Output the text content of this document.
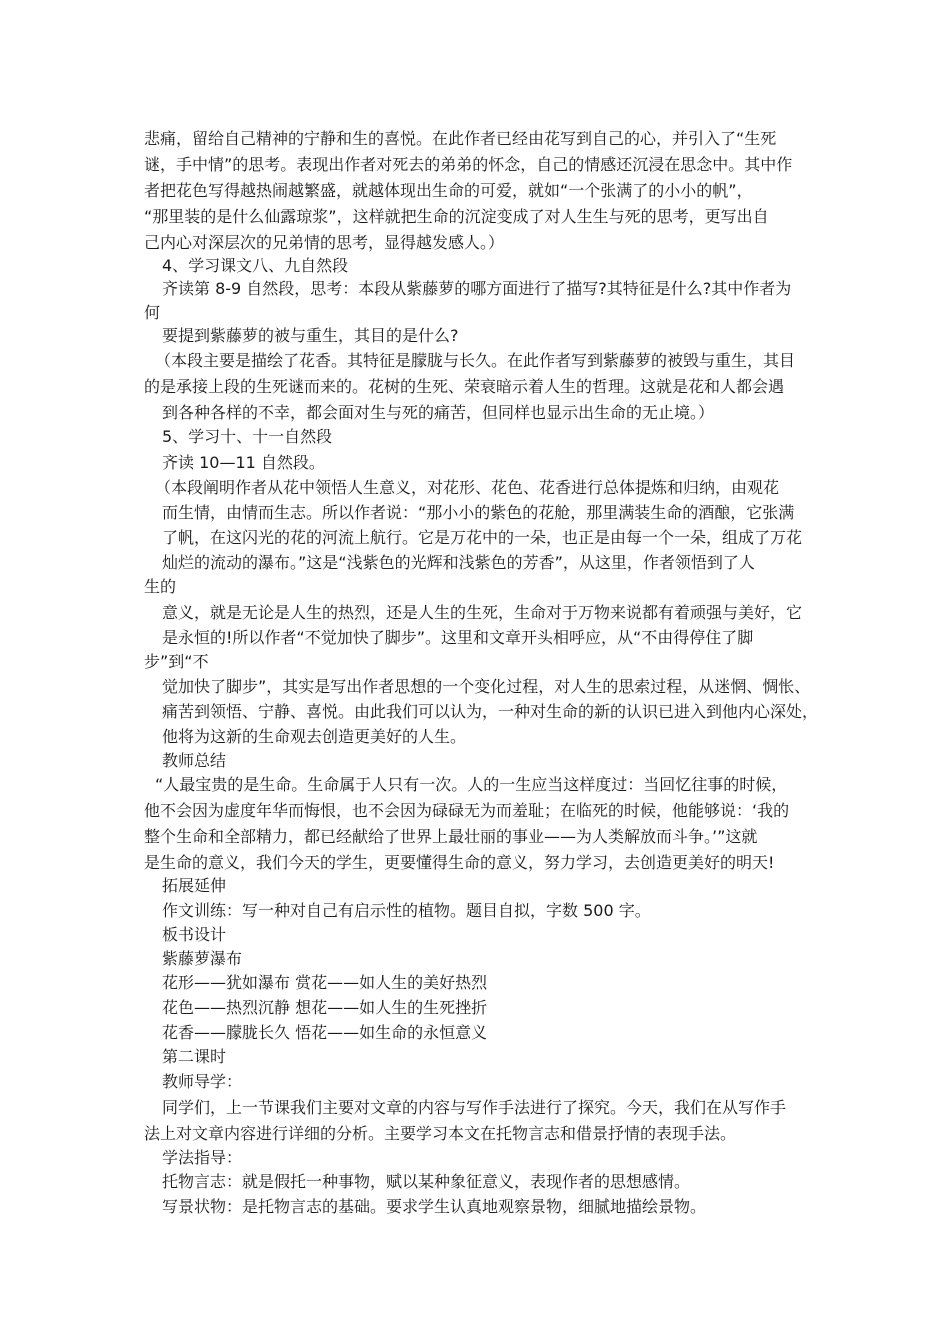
悲痛，留给自己精神的宁静和生的喜悦。在此作者已经由花写到自己的心，并引入了“生死
谜，手中情”的思考。表现出作者对死去的弟弟的怀念，自己的情感还沉浸在思念中。其中作
者把花色写得越热闹越繁盛，就越体现出生命的可爱，就如“一个张满了的小小的帆”，
“那里装的是什么仙露琼浆”，这样就把生命的沉淀变成了对人生生与死的思考，更写出自
己内心对深层次的兄弟情的思考，显得越发感人。）
4、学习课文八、九自然段
齐读第 8-9 自然段，思考：本段从紫藤萝的哪方面进行了描写?其特征是什么?其中作者为
何
要提到紫藤萝的被与重生，其目的是什么?
（本段主要是描绘了花香。其特征是朦胧与长久。在此作者写到紫藤萝的被毁与重生，其目
的是承接上段的生死谜而来的。花树的生死、荣衰暗示着人生的哲理。这就是花和人都会遇
到各种各样的不幸，都会面对生与死的痛苦，但同样也显示出生命的无止境。）
5、学习十、十一自然段
齐读 10—11 自然段。
（本段阐明作者从花中领悟人生意义，对花形、花色、花香进行总体提炼和归纳，由观花
而生情，由情而生志。所以作者说：“那小小的紫色的花舱，那里满装生命的酒酿，它张满
了帆，在这闪光的花的河流上航行。它是万花中的一朵，也正是由每一个一朵，组成了万花
灿烂的流动的瀑布。”这是“浅紫色的光辉和浅紫色的芳香”，从这里，作者领悟到了人
生的
意义，就是无论是人生的热烈，还是人生的生死，生命对于万物来说都有着顽强与美好，它
是永恒的!所以作者“不觉加快了脚步”。这里和文章开头相呼应，从“不由得停住了脚
步”到“不
觉加快了脚步”，其实是写出作者思想的一个变化过程，对人生的思索过程，从迷惘、惆怅、
痛苦到领悟、宁静、喜悦。由此我们可以认为，一种对生命的新的认识已进入到他内心深处，
他将为这新的生命观去创造更美好的人生。
教师总结
“人最宝贵的是生命。生命属于人只有一次。人的一生应当这样度过：当回忆往事的时候，
他不会因为虚度年华而悔恨，也不会因为碌碌无为而羞耻；在临死的时候，他能够说：‘我的
整个生命和全部精力，都已经献给了世界上最壮丽的事业——为人类解放而斗争。’”这就
是生命的意义，我们今天的学生，更要懂得生命的意义，努力学习，去创造更美好的明天!
拓展延伸
作文训练：写一种对自己有启示性的植物。题目自拟，字数 500 字。
板书设计
紫藤萝瀑布
花形——犹如瀑布 赏花——如人生的美好热烈
花色——热烈沉静 想花——如人生的生死挫折
花香——朦胧长久 悟花——如生命的永恒意义
第二课时
教师导学：
同学们，上一节课我们主要对文章的内容与写作手法进行了探究。今天，我们在从写作手
法上对文章内容进行详细的分析。主要学习本文在托物言志和借景抒情的表现手法。
学法指导：
托物言志：就是假托一种事物，赋以某种象征意义，表现作者的思想感情。
写景状物：是托物言志的基础。要求学生认真地观察景物，细腻地描绘景物。
